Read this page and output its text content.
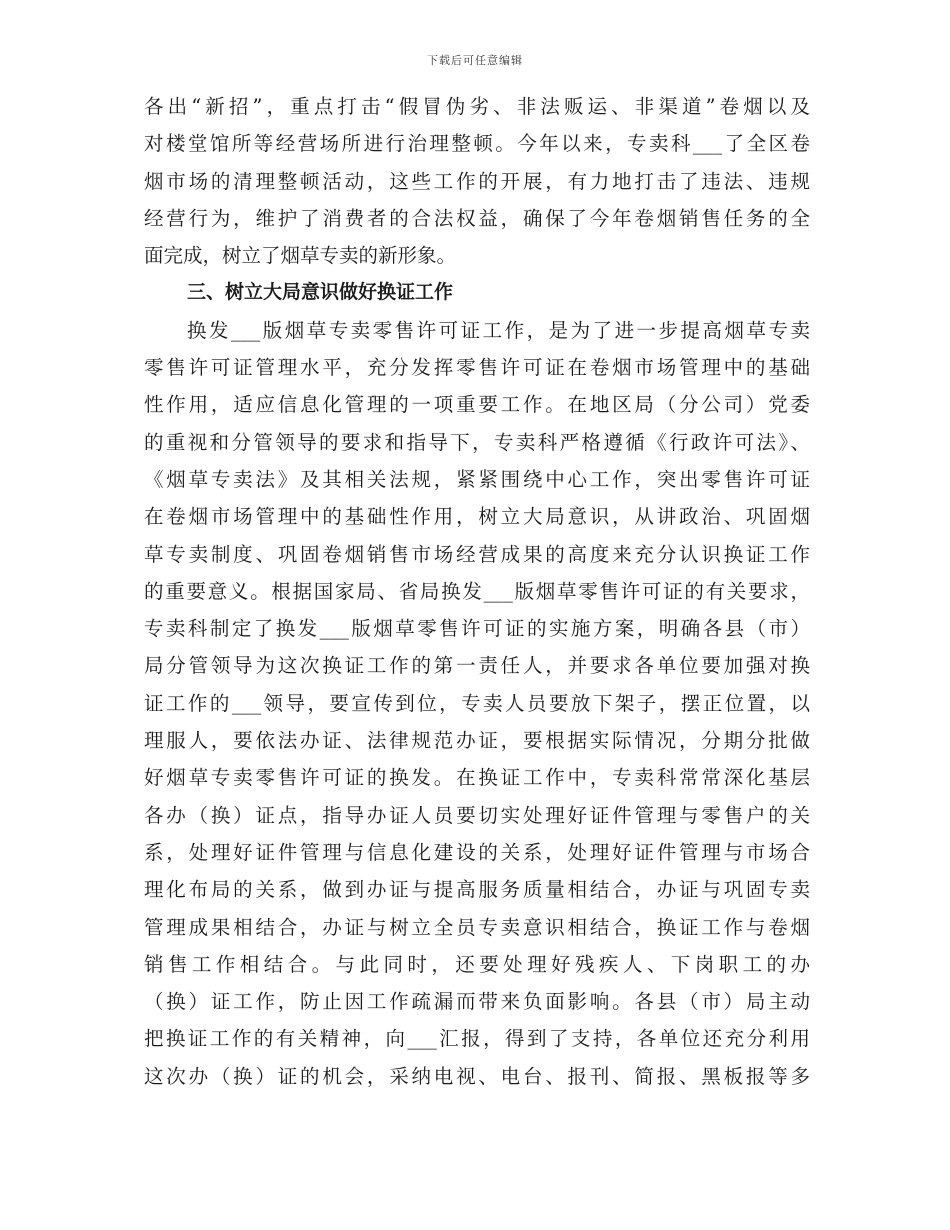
下载后可任意编辑
各出“新招”，重点打击“假冒伪劣、非法贩运、非渠道”卷烟以及
对楼堂馆所等经营场所进行治理整顿。今年以来，专卖科___了全区卷
烟市场的清理整顿活动，这些工作的开展，有力地打击了违法、违规
经营行为，维护了消费者的合法权益，确保了今年卷烟销售任务的全
面完成，树立了烟草专卖的新形象。
三、树立大局意识做好换证工作
换发___版烟草专卖零售许可证工作，是为了进一步提高烟草专卖
零售许可证管理水平，充分发挥零售许可证在卷烟市场管理中的基础
性作用，适应信息化管理的一项重要工作。在地区局（分公司）党委
的重视和分管领导的要求和指导下，专卖科严格遵循《行政许可法》、
《烟草专卖法》及其相关法规，紧紧围绕中心工作，突出零售许可证
在卷烟市场管理中的基础性作用，树立大局意识，从讲政治、巩固烟
草专卖制度、巩固卷烟销售市场经营成果的高度来充分认识换证工作
的重要意义。根据国家局、省局换发___版烟草零售许可证的有关要求，
专卖科制定了换发___版烟草零售许可证的实施方案，明确各县（市）
局分管领导为这次换证工作的第一责任人，并要求各单位要加强对换
证工作的___领导，要宣传到位，专卖人员要放下架子，摆正位置，以
理服人，要依法办证、法律规范办证，要根据实际情况，分期分批做
好烟草专卖零售许可证的换发。在换证工作中，专卖科常常深化基层
各办（换）证点，指导办证人员要切实处理好证件管理与零售户的关
系，处理好证件管理与信息化建设的关系，处理好证件管理与市场合
理化布局的关系，做到办证与提高服务质量相结合，办证与巩固专卖
管理成果相结合，办证与树立全员专卖意识相结合，换证工作与卷烟
销售工作相结合。与此同时，还要处理好残疾人、下岗职工的办
（换）证工作，防止因工作疏漏而带来负面影响。各县（市）局主动
把换证工作的有关精神，向___汇报，得到了支持，各单位还充分利用
这次办（换）证的机会，采纳电视、电台、报刊、简报、黑板报等多
